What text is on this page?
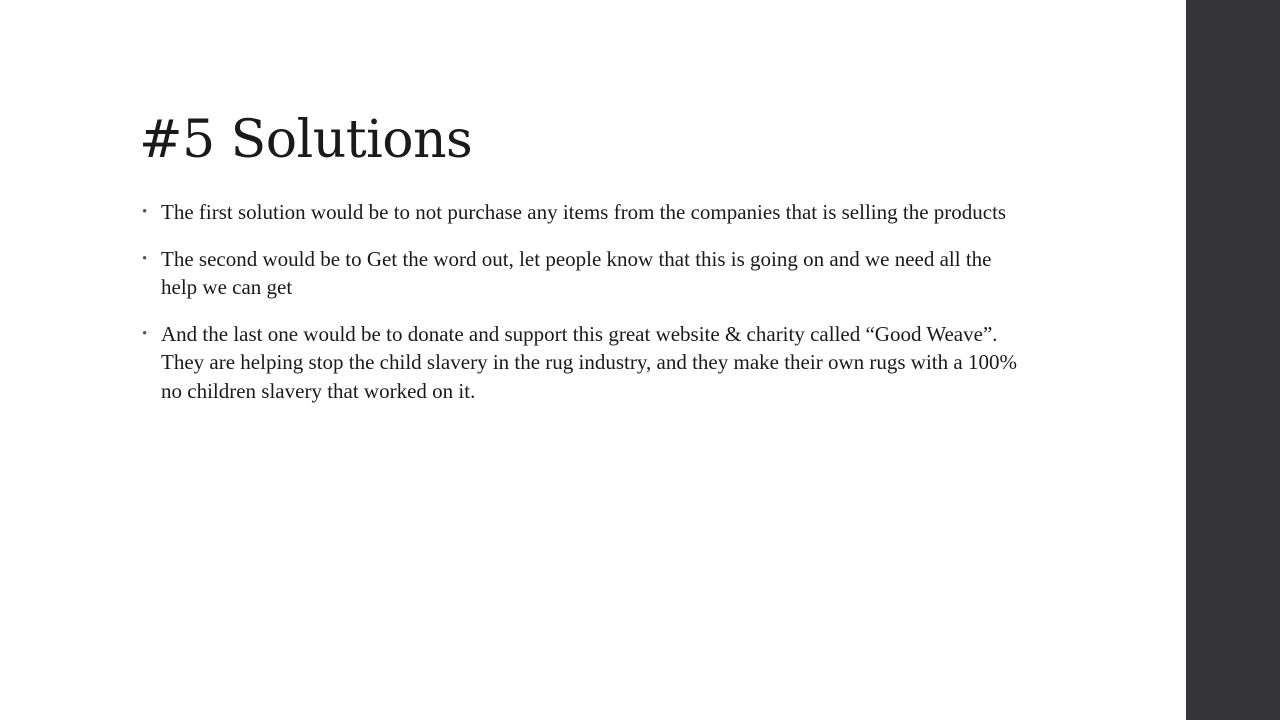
#5 Solutions
• The first solution would be to not purchase any items from the companies that is selling the products
• The second would be to Get the word out, let people know that this is going on and we need all the help we can get
• And the last one would be to donate and support this great website & charity called “Good Weave”. They are helping stop the child slavery in the rug industry, and they make their own rugs with a 100% no children slavery that worked on it.
